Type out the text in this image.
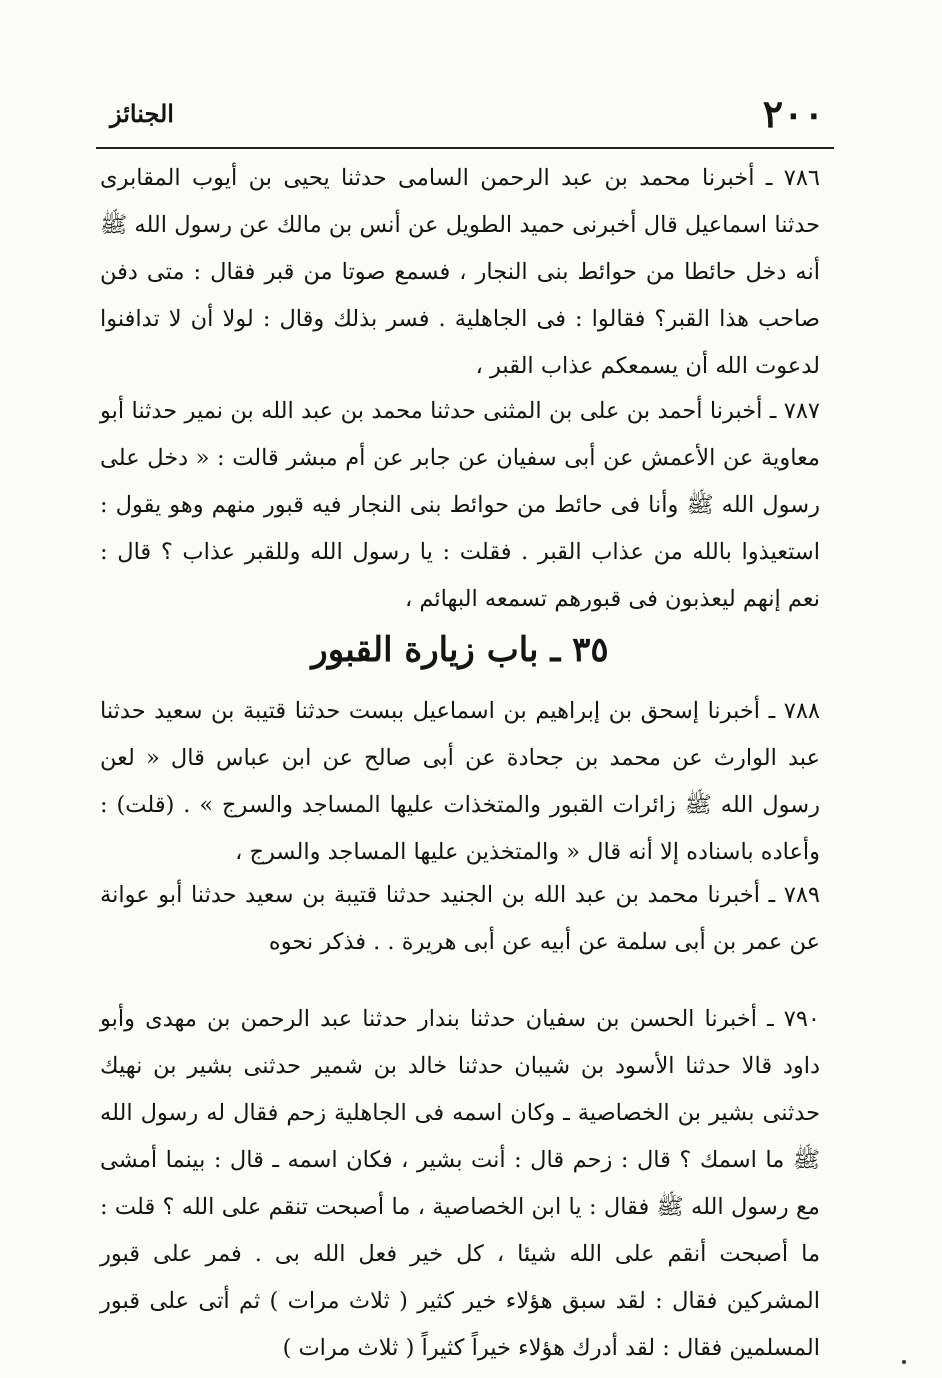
٢٠٠
الجنائز
٧٨٦ ـ أخبرنا محمد بن عبد الرحمن السامى حدثنا يحيى بن أيوب المقابرى حدثنا اسماعيل قال أخبرنى حميد الطويل عن أنس بن مالك عن رسول الله ﷺ أنه دخل حائطا من حوائط بنى النجار ، فسمع صوتا من قبر فقال : متى دفن صاحب هذا القبر؟ فقالوا : فى الجاهلية . فسر بذلك وقال : لولا أن لا تدافنوا لدعوت الله أن يسمعكم عذاب القبر ،
٧٨٧ ـ أخبرنا أحمد بن على بن المثنى حدثنا محمد بن عبد الله بن نمير حدثنا أبو معاوية عن الأعمش عن أبى سفيان عن جابر عن أم مبشر قالت : « دخل على رسول الله ﷺ وأنا فى حائط من حوائط بنى النجار فيه قبور منهم وهو يقول : استعيذوا بالله من عذاب القبر . فقلت : يا رسول الله وللقبر عذاب ؟ قال : نعم إنهم ليعذبون فى قبورهم تسمعه البهائم ،
٣٥ ـ باب زيارة القبور
٧٨٨ ـ أخبرنا إسحق بن إبراهيم بن اسماعيل ببست حدثنا قتيبة بن سعيد حدثنا عبد الوارث عن محمد بن جحادة عن أبى صالح عن ابن عباس قال « لعن رسول الله ﷺ زائرات القبور والمتخذات عليها المساجد والسرج » . (قلت) : وأعاده باسناده إلا أنه قال « والمتخذين عليها المساجد والسرج ،
٧٨٩ ـ أخبرنا محمد بن عبد الله بن الجنيد حدثنا قتيبة بن سعيد حدثنا أبو عوانة عن عمر بن أبى سلمة عن أبيه عن أبى هريرة . . فذكر نحوه
٧٩٠ ـ أخبرنا الحسن بن سفيان حدثنا بندار حدثنا عبد الرحمن بن مهدى وأبو داود قالا حدثنا الأسود بن شيبان حدثنا خالد بن شمير حدثنى بشير بن نهيك حدثنى بشير بن الخصاصية ـ وكان اسمه فى الجاهلية زحم فقال له رسول الله ﷺ ما اسمك ؟ قال : زحم قال : أنت بشير ، فكان اسمه ـ قال : بينما أمشى مع رسول الله ﷺ فقال : يا ابن الخصاصية ، ما أصبحت تنقم على الله ؟ قلت : ما أصبحت أنقم على الله شيئا ، كل خير فعل الله بى . فمر على قبور المشركين فقال : لقد سبق هؤلاء خير كثير ( ثلاث مرات ) ثم أتى على قبور المسلمين فقال : لقد أدرك هؤلاء خيراً كثيراً ( ثلاث مرات )
